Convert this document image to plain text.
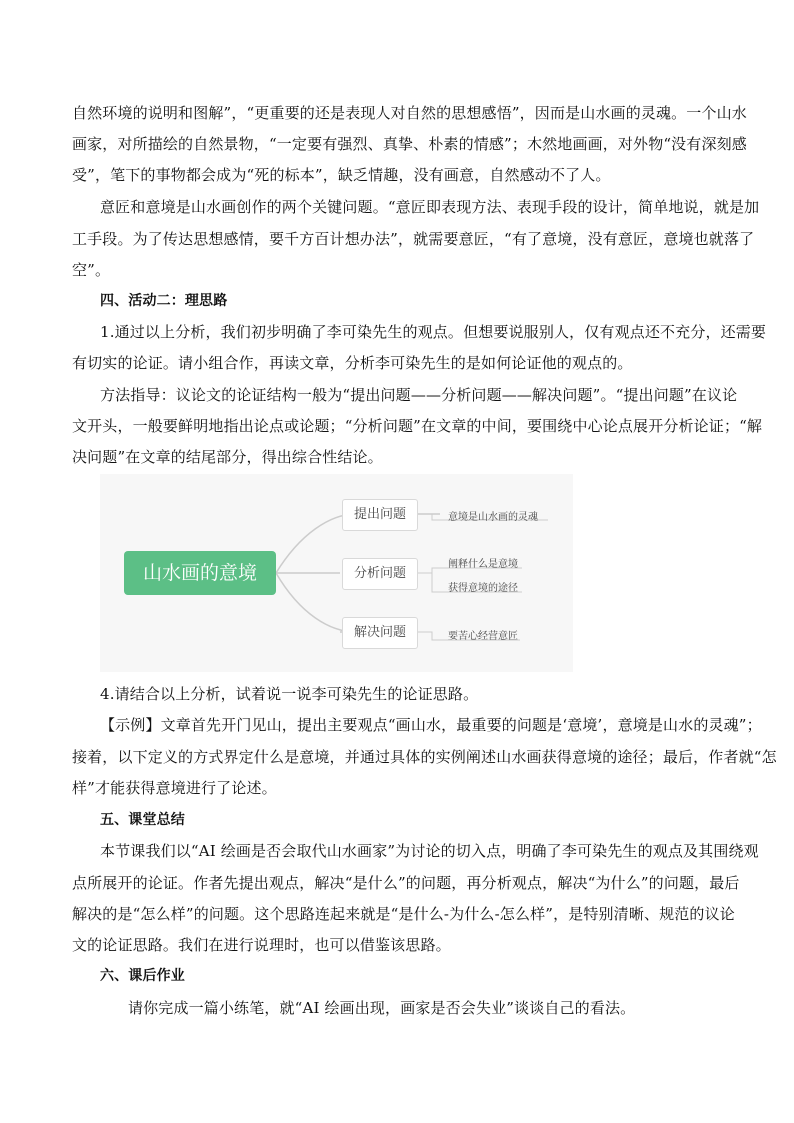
自然环境的说明和图解”，“更重要的还是表现人对自然的思想感悟”，因而是山水画的灵魂。一个山水
画家，对所描绘的自然景物，“一定要有强烈、真挚、朴素的情感”；木然地画画，对外物“没有深刻感
受”，笔下的事物都会成为“死的标本”，缺乏情趣，没有画意，自然感动不了人。
意匠和意境是山水画创作的两个关键问题。“意匠即表现方法、表现手段的设计，简单地说，就是加
工手段。为了传达思想感情，要千方百计想办法”，就需要意匠，“有了意境，没有意匠，意境也就落了
空”。
四、活动二：理思路
1.通过以上分析，我们初步明确了李可染先生的观点。但想要说服别人，仅有观点还不充分，还需要
有切实的论证。请小组合作，再读文章，分析李可染先生的是如何论证他的观点的。
方法指导：议论文的论证结构一般为“提出问题——分析问题——解决问题”。“提出问题”在议论
文开头，一般要鲜明地指出论点或论题；“分析问题”在文章的中间，要围绕中心论点展开分析论证；“解
决问题”在文章的结尾部分，得出综合性结论。
山水画的意境
提出问题
分析问题
解决问题
意境是山水画的灵魂
阐释什么是意境
获得意境的途径
要苦心经营意匠
4.请结合以上分析，试着说一说李可染先生的论证思路。
【示例】文章首先开门见山，提出主要观点“画山水，最重要的问题是‘意境’，意境是山水的灵魂”；
接着，以下定义的方式界定什么是意境，并通过具体的实例阐述山水画获得意境的途径；最后，作者就“怎
样”才能获得意境进行了论述。
五、课堂总结
本节课我们以“AI 绘画是否会取代山水画家”为讨论的切入点，明确了李可染先生的观点及其围绕观
点所展开的论证。作者先提出观点，解决“是什么”的问题，再分析观点，解决“为什么”的问题，最后
解决的是“怎么样”的问题。这个思路连起来就是“是什么-为什么-怎么样”，是特别清晰、规范的议论
文的论证思路。我们在进行说理时，也可以借鉴该思路。
六、课后作业
请你完成一篇小练笔，就“AI 绘画出现，画家是否会失业”谈谈自己的看法。
